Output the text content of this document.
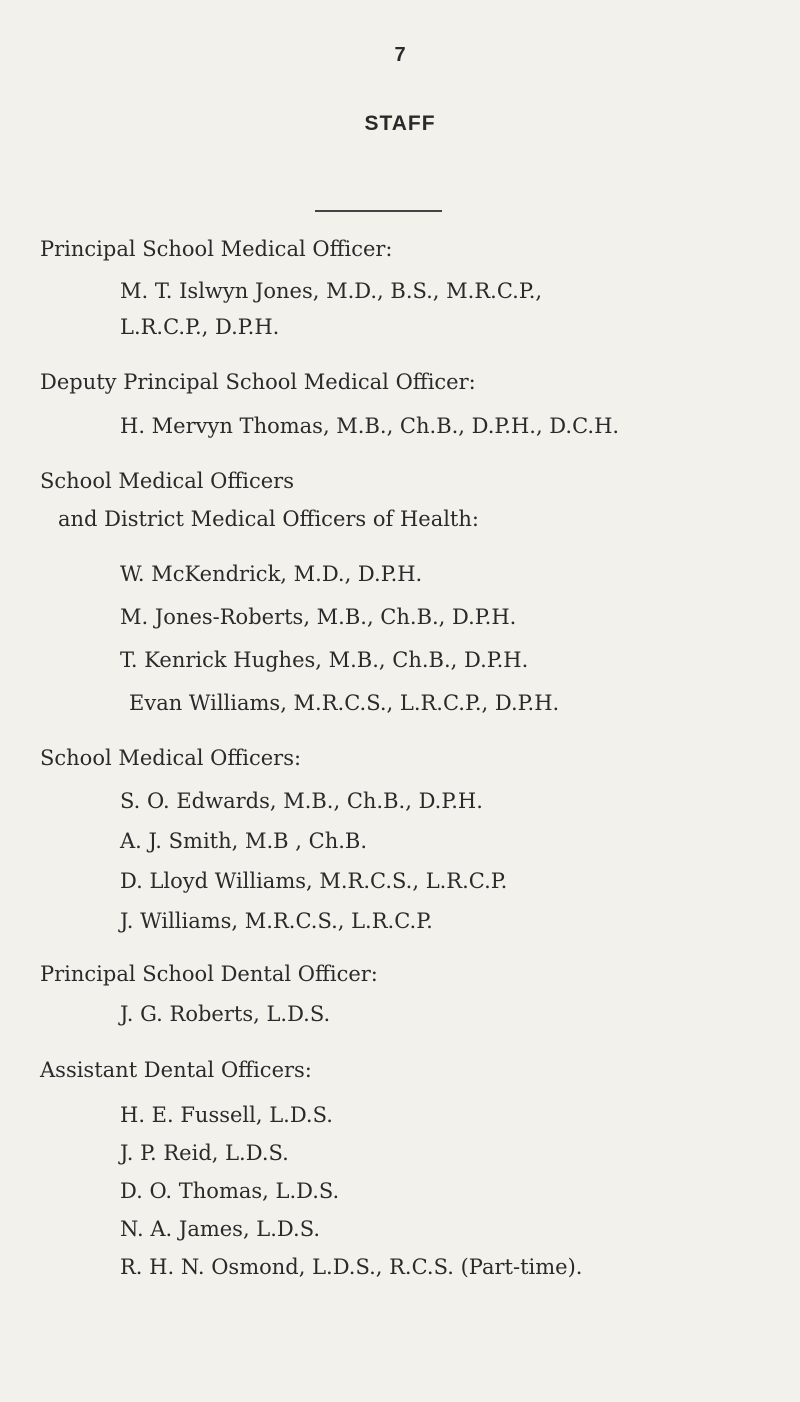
7
STAFF
Principal School Medical Officer:
M. T. Islwyn Jones, M.D., B.S., M.R.C.P.,
L.R.C.P., D.P.H.
Deputy Principal School Medical Officer:
H. Mervyn Thomas, M.B., Ch.B., D.P.H., D.C.H.
School Medical Officers
and District Medical Officers of Health:
W. McKendrick, M.D., D.P.H.
M. Jones-Roberts, M.B., Ch.B., D.P.H.
T. Kenrick Hughes, M.B., Ch.B., D.P.H.
Evan Williams, M.R.C.S., L.R.C.P., D.P.H.
School Medical Officers:
S. O. Edwards, M.B., Ch.B., D.P.H.
A. J. Smith, M.B , Ch.B.
D. Lloyd Williams, M.R.C.S., L.R.C.P.
J. Williams, M.R.C.S., L.R.C.P.
Principal School Dental Officer:
J. G. Roberts, L.D.S.
Assistant Dental Officers:
H. E. Fussell, L.D.S.
J. P. Reid, L.D.S.
D. O. Thomas, L.D.S.
N. A. James, L.D.S.
R. H. N. Osmond, L.D.S., R.C.S. (Part-time).
